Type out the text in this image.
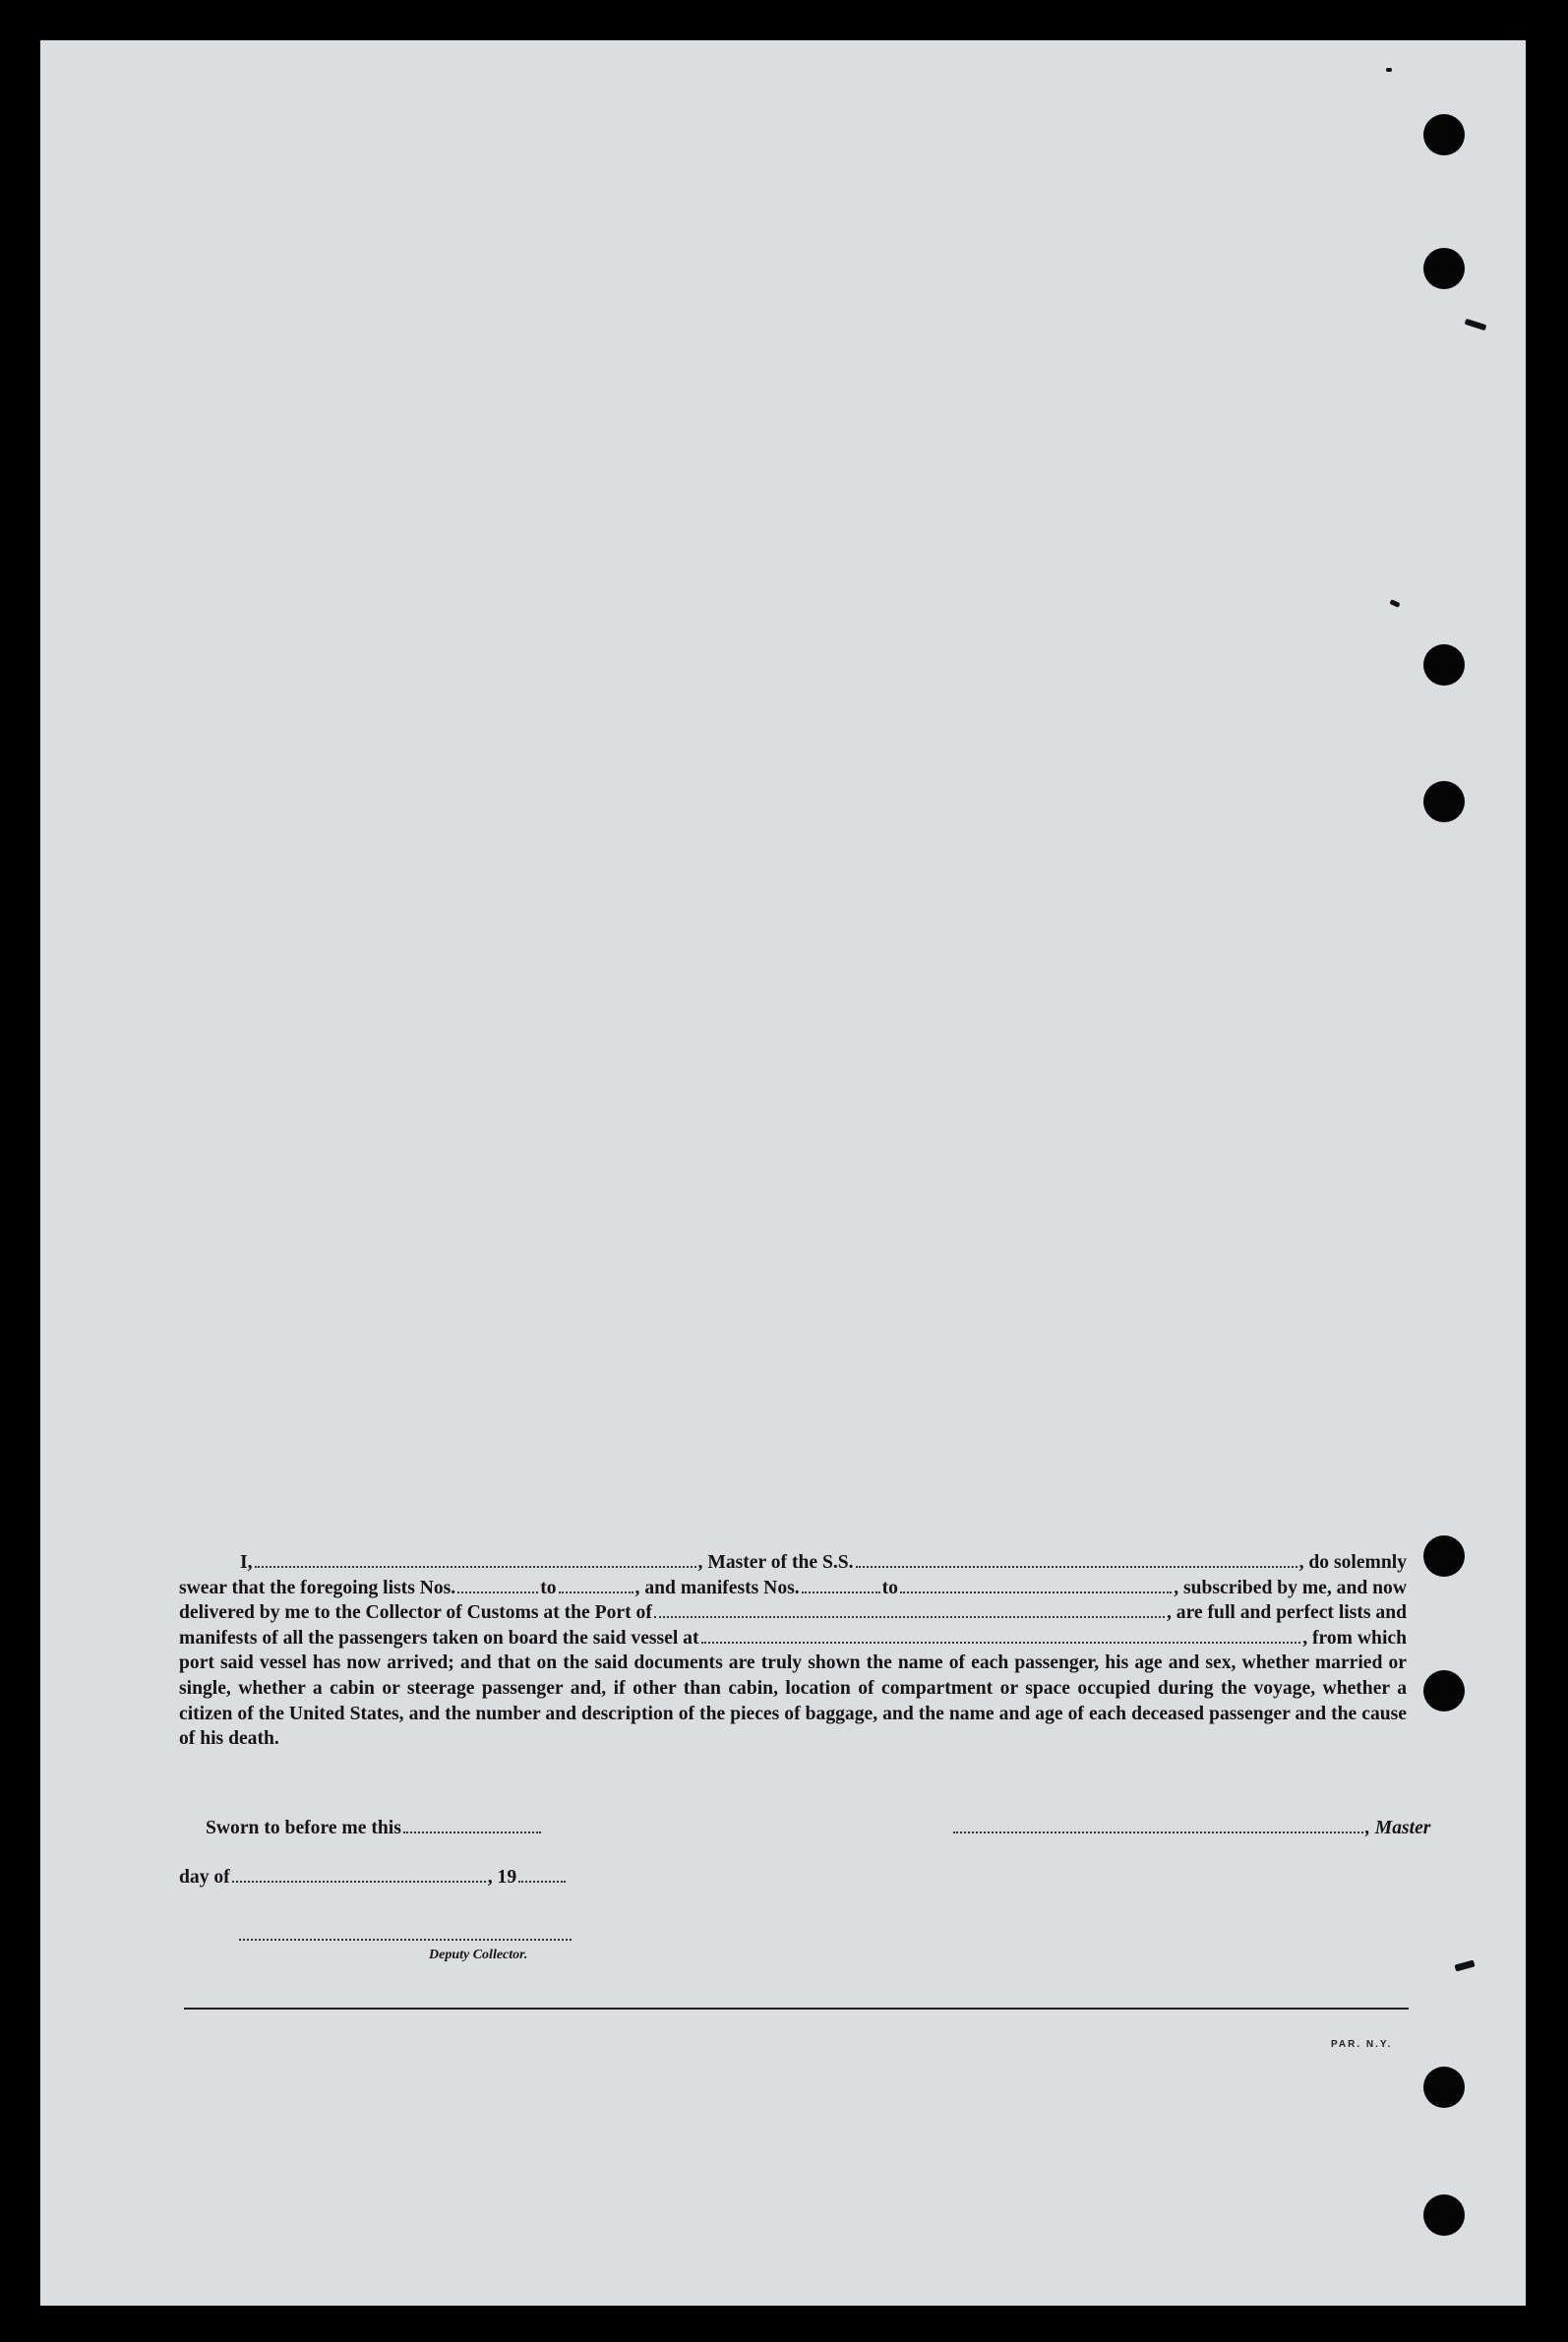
I,	, Master of the S.S.	, do solemnly
swear that the foregoing lists Nos.	to	, and manifests Nos.	to	, subscribed by me, and now
delivered by me to the Collector of Customs at the Port of	, are full and perfect lists and
manifests of all the passengers taken on board the said vessel at	, from which
port said vessel has now arrived; and that on the said documents are truly shown the name of each passenger, his age and sex, whether married or single, whether a cabin or steerage passenger and, if other than cabin, location of compartment or space occupied during the voyage, whether a citizen of the United States, and the number and description of the pieces of baggage, and the name and age of each deceased passenger and the cause of his death.
Sworn to before me this	, Master
day of	, 19
Deputy Collector.
PAR. N.Y.
